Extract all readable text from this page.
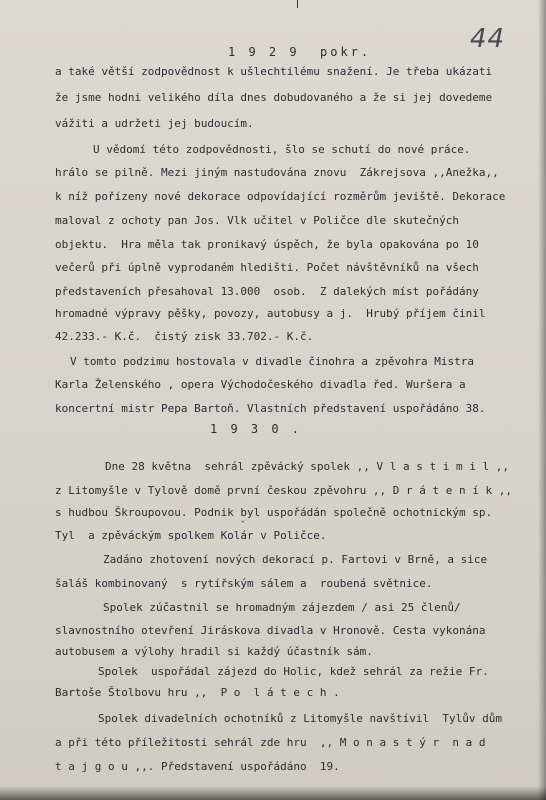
44
1 9 2 9  pokr.
a také větší zodpovědnost k ušlechtilému snažení. Je třeba ukázati
že jsme hodni velikého díla dnes dobudovaného a že si jej dovedeme
vážiti a udržeti jej budoucím.
U vědomí této zodpovědnosti, šlo se schutí do nové práce.
hrálo se pilně. Mezi jiným nastudována znovu  Zákrejsova ,,Anežka,,
k níž pořízeny nové dekorace odpovídající rozměrům jeviště. Dekorace
maloval z ochoty pan Jos. Vlk učitel v Poličce dle skutečných
objektu.  Hra měla tak pronikavý úspěch, že byla opakována po 10
večerů při úplně vyprodaném hledišti. Počet návštěvníků na všech
představeních přesahoval 13.000  osob.  Z dalekých míst pořádány
hromadné výpravy pěšky, povozy, autobusy a j.  Hrubý příjem činil
42.233.- K.č.  čistý zisk 33.702.- K.č.
V tomto podzimu hostovala v divadle činohra a zpěvohra Mistra
Karla Želenského , opera Východočeského divadla řed. Wuršera a
koncertní mistr Pepa Bartoň. Vlastních představení uspořádáno 38.
1 9 3 0 .
Dne 28 května  sehrál zpěvácký spolek ,, V l a s t i m i l ,,
z Litomyšle v Tylově domě první českou zpěvohru ,, D r á t e n í k ,,
s hudbou Škroupovou. Podnik byl uspořádán společně ochotnickým sp.
Tyl  a zpěváckým spolkem Kolár v Poličce.
ˇ
Zadáno zhotovení nových dekorací p. Fartovi v Brně, a sice
šaláš kombinovaný  s rytířským sálem a  roubená světnice.
Spolek zúčastnil se hromadným zájezdem / asi 25 členů/
slavnostního otevření Jiráskova divadla v Hronově. Cesta vykonána
autobusem a výlohy hradil si každý účastník sám.
Spolek  uspořádal zájezd do Holic, kdež sehrál za režie Fr.
Bartoše Štolbovu hru ,,  P o  l á t e c h .
Spolek divadelních ochotníků z Litomyšle navštívil  Tylův dům
a při této příležitosti sehrál zde hru  ,, M o n a s t ý r  n a d
t a j g o u ,,. Představení uspořádáno  19.
